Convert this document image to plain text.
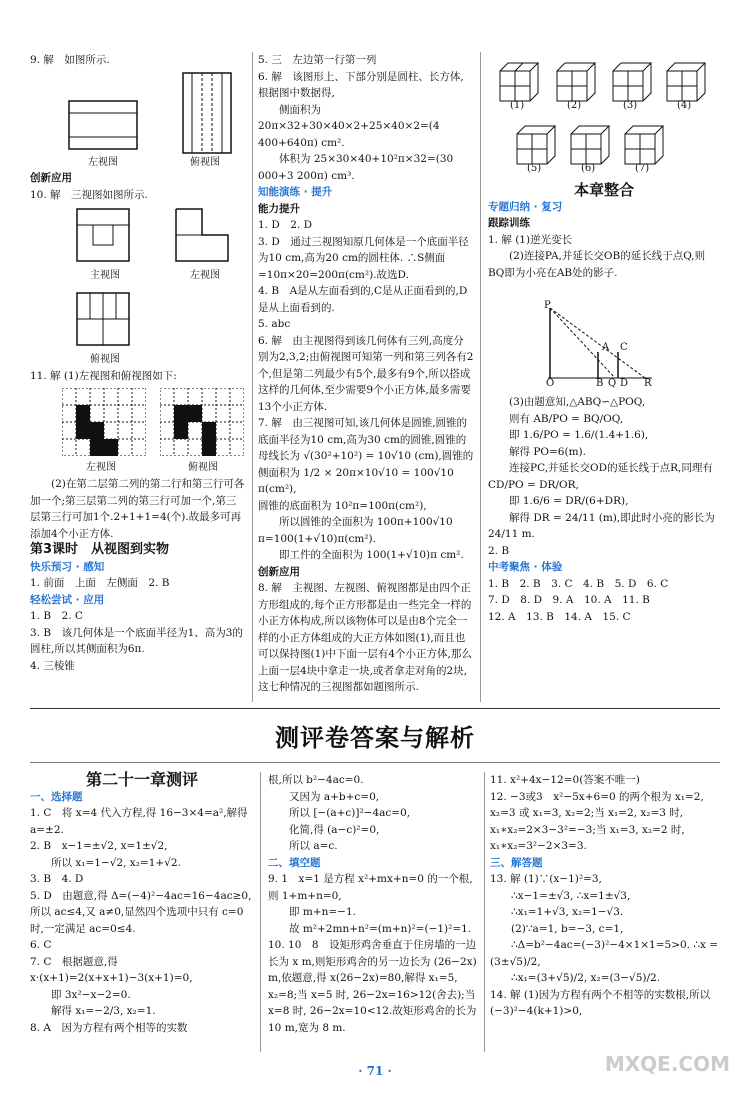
9. 解　如图所示.

左视图	俯视图

创新应用

10. 解　三视图如图所示.

主视图	左视图
俯视图

11. 解 (1)左视图和俯视图如下:

左视图	俯视图

(2)在第二层第二列的第二行和第三行可各加一个;第三层第二列的第三行可加一个,第三层第三行可加1个.2+1+1=4(个).故最多可再添加4个小正方体.

第3课时　从视图到实物

快乐预习 · 感知

1. 前面　上面　左侧面　2. B

轻松尝试 · 应用

1. B　2. C

3. B　该几何体是一个底面半径为1、高为3的圆柱,所以其侧面积为6π.

4. 三棱锥

5. 三　左边第一行第一列

6. 解　该图形上、下部分别是圆柱、长方体,根据图中数据得,

侧面积为 20π×32+30×40×2+25×40×2=(4 400+640π) cm².

体积为 25×30×40+10²π×32=(30 000+3 200π) cm³.

知能演练 · 提升

能力提升

1. D　2. D

3. D　通过三视图知原几何体是一个底面半径为10 cm,高为20 cm的圆柱体. ∴S侧面=10π×20=200π(cm²).故选D.

4. B　A是从左面看到的,C是从正面看到的,D是从上面看到的.

5. abc

6. 解　由主视图得到该几何体有三列,高度分别为2,3,2;由俯视图可知第一列和第三列各有2个,但是第二列最少有5个,最多有9个,所以搭成这样的几何体,至少需要9个小正方体,最多需要13个小正方体.

7. 解　由三视图可知,该几何体是圆锥,圆锥的底面半径为10 cm,高为30 cm的圆锥,圆锥的母线长为 √(30²+10²) = 10√10 (cm),圆锥的侧面积为 1/2 × 20π×10√10 = 100√10 π(cm²),

圆锥的底面积为 10²π=100π(cm²),

所以圆锥的全面积为 100π+100√10 π=100(1+√10)π(cm²).

即工件的全面积为 100(1+√10)π cm².

创新应用

8. 解　主视图、左视图、俯视图都是由四个正方形组成的,每个正方形都是由一些完全一样的小正方体构成,所以该物体可以是由8个完全一样的小正方体组成的大正方体如图(1),而且也可以保持图(1)中下面一层有4个小正方体,那么上面一层4块中拿走一块,或者拿走对角的2块,这七种情况的三视图都如题图所示.

(1)	(2)	(3)	(4)
(5)	(6)	(7)

本章整合

专题归纳 · 复习

跟踪训练

1. 解 (1)逆光变长

(2)连接PA,并延长交OB的延长线于点Q,则BQ即为小亮在AB处的影子.

P
A C
O	B Q D R

(3)由题意知,△ABQ∽△POQ,

则有 AB/PO = BQ/OQ,

即 1.6/PO = 1.6/(1.4+1.6),

解得 PO=6(m).

连接PC,并延长交OD的延长线于点R,同理有 CD/PO = DR/OR,

即 1.6/6 = DR/(6+DR),

解得 DR = 24/11 (m),即此时小亮的影长为 24/11 m.

2. B

中考聚焦 · 体验

1. B　2. B　3. C　4. B　5. D　6. C

7. D　8. D　9. A　10. A　11. B

12. A　13. B　14. A　15. C

测评卷答案与解析

第二十一章测评

一、选择题

1. C　将 x=4 代入方程,得 16−3×4=a²,解得 a=±2.

2. B　x−1=±√2, x=1±√2,

所以 x₁=1−√2, x₂=1+√2.

3. B　4. D

5. D　由题意,得 Δ=(−4)²−4ac=16−4ac≥0,所以 ac≤4,又 a≠0,显然四个选项中只有 c=0时,一定满足 ac=0≤4.

6. C

7. C　根据题意,得 x·(x+1)=2(x+x+1)−3(x+1)=0,

即 3x²−x−2=0.

解得 x₁=−2/3, x₂=1.

8. A　因为方程有两个相等的实数

根,所以 b²−4ac=0.

又因为 a+b+c=0,

所以 [−(a+c)]²−4ac=0,

化简,得 (a−c)²=0,

所以 a=c.

二、填空题

9. 1　x=1 是方程 x²+mx+n=0 的一个根,则 1+m+n=0,

即 m+n=−1.

故 m²+2mn+n²=(m+n)²=(−1)²=1.

10. 10　8　设矩形鸡舍垂直于住房墙的一边长为 x m,则矩形鸡舍的另一边长为 (26−2x) m,依题意,得 x(26−2x)=80,解得 x₁=5, x₂=8;当 x=5 时, 26−2x=16>12(舍去);当 x=8 时, 26−2x=10<12.故矩形鸡舍的长为 10 m,宽为 8 m.

11. x²+4x−12=0(答案不唯一)

12. −3或3　x²−5x+6=0 的两个根为 x₁=2, x₂=3 或 x₁=3, x₂=2;当 x₁=2, x₂=3 时, x₁∗x₂=2×3−3²=−3;当 x₁=3, x₂=2 时, x₁∗x₂=3²−2×3=3.

三、解答题

13. 解 (1)∵(x−1)²=3,

∴x−1=±√3, ∴x=1±√3,

∴x₁=1+√3, x₂=1−√3.

(2)∵a=1, b=−3, c=1,

∴Δ=b²−4ac=(−3)²−4×1×1=5>0. ∴x = (3±√5)/2,

∴x₁=(3+√5)/2, x₂=(3−√5)/2.

14. 解 (1)因为方程有两个不相等的实数根,所以 (−3)²−4(k+1)>0,

· 71 ·	MXQE.COM
